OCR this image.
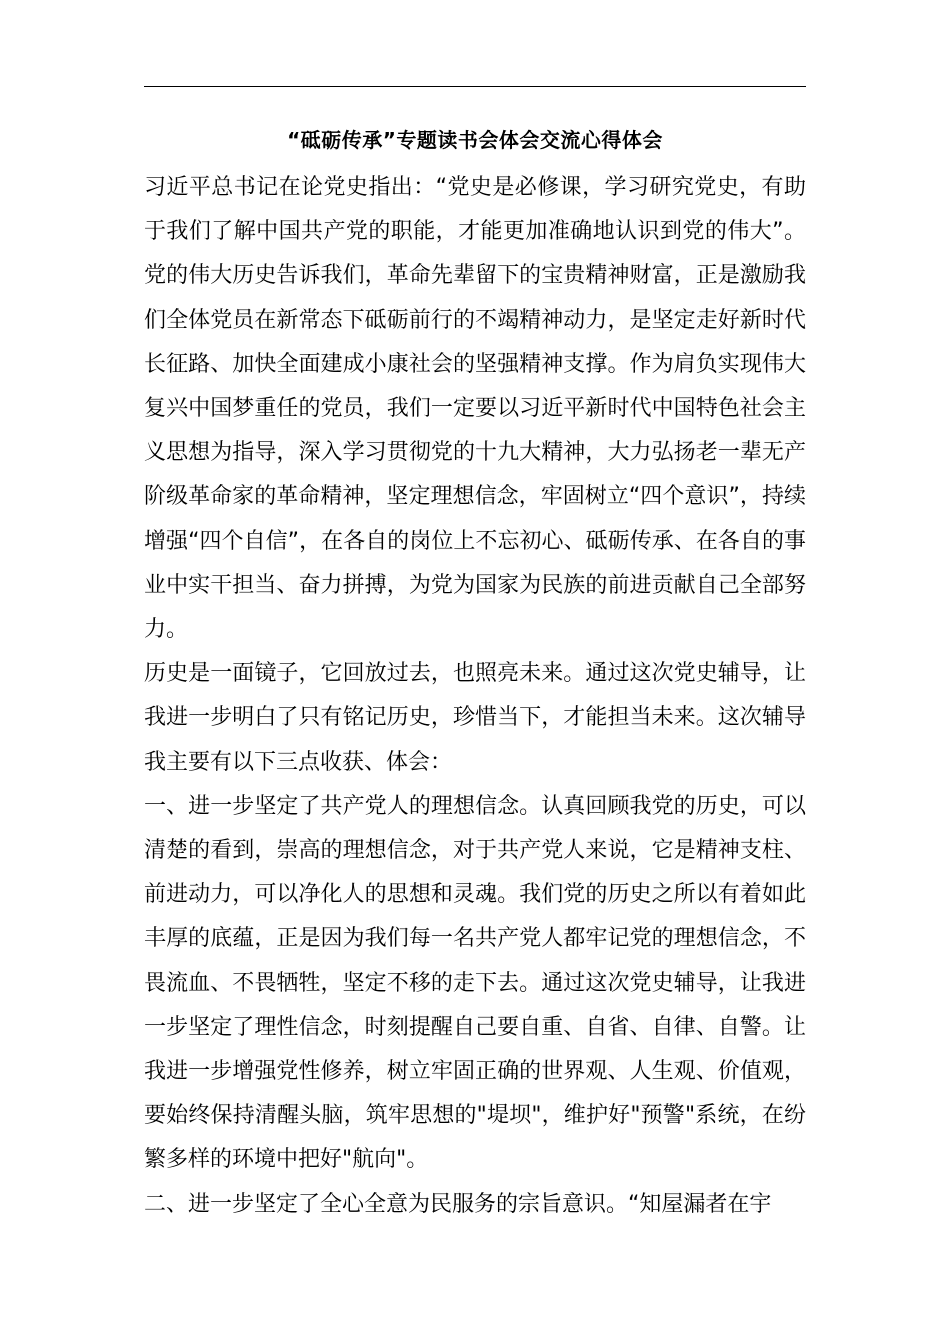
“砥砺传承”专题读书会体会交流心得体会

习近平总书记在论党史指出：“党史是必修课，学习研究党史，有助于我们了解中国共产党的职能，才能更加准确地认识到党的伟大”。党的伟大历史告诉我们，革命先辈留下的宝贵精神财富，正是激励我们全体党员在新常态下砥砺前行的不竭精神动力，是坚定走好新时代长征路、加快全面建成小康社会的坚强精神支撑。作为肩负实现伟大复兴中国梦重任的党员，我们一定要以习近平新时代中国特色社会主义思想为指导，深入学习贯彻党的十九大精神，大力弘扬老一辈无产阶级革命家的革命精神，坚定理想信念，牢固树立“四个意识”，持续增强“四个自信”，在各自的岗位上不忘初心、砥砺传承、在各自的事业中实干担当、奋力拼搏，为党为国家为民族的前进贡献自己全部努力。

历史是一面镜子，它回放过去，也照亮未来。通过这次党史辅导，让我进一步明白了只有铭记历史，珍惜当下，才能担当未来。这次辅导我主要有以下三点收获、体会：

一、进一步坚定了共产党人的理想信念。认真回顾我党的历史，可以清楚的看到，崇高的理想信念，对于共产党人来说，它是精神支柱、前进动力，可以净化人的思想和灵魂。我们党的历史之所以有着如此丰厚的底蕴，正是因为我们每一名共产党人都牢记党的理想信念，不畏流血、不畏牺牲，坚定不移的走下去。通过这次党史辅导，让我进一步坚定了理性信念，时刻提醒自己要自重、自省、自律、自警。让我进一步增强党性修养，树立牢固正确的世界观、人生观、价值观，要始终保持清醒头脑，筑牢思想的"堤坝"，维护好"预警"系统，在纷繁多样的环境中把好"航向"。

二、进一步坚定了全心全意为民服务的宗旨意识。“知屋漏者在宇
